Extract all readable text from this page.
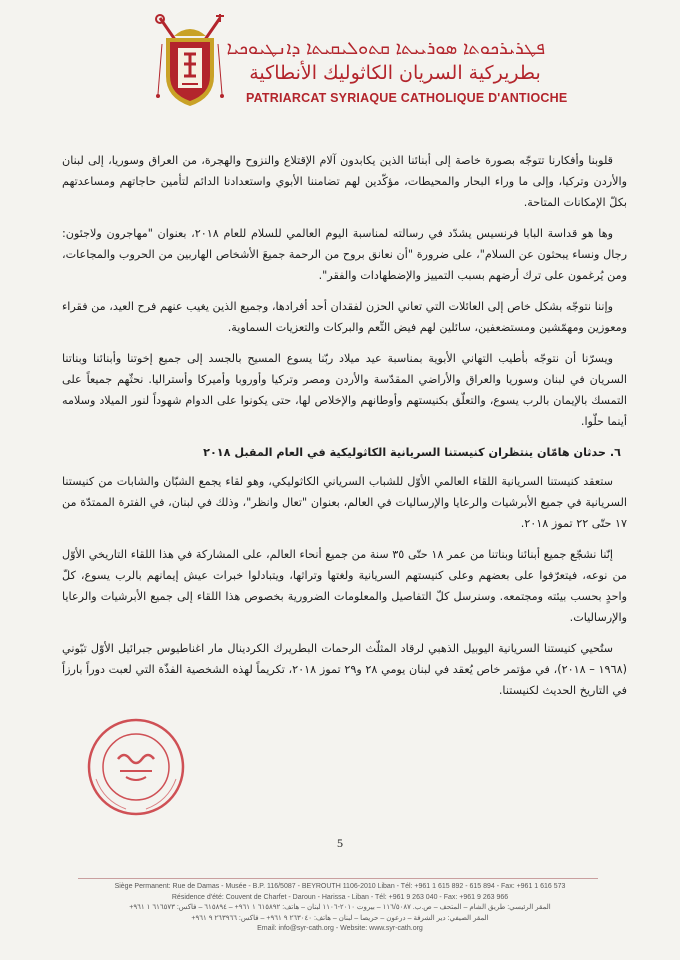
ܦܛܪܝܪܟܘܬܐ ܣܘܪܝܝܬܐ ܩܬܘܠܝܩܝܬܐ ܕܐܢܛܝܘܟܝܐ
بطريركية السريان الكاثوليك الأنطاكية
PATRIARCAT SYRIAQUE CATHOLIQUE D'ANTIOCHE

قلوبنا وأفكارنا تتوجّه بصورة خاصة إلى أبنائنا الذين يكابدون آلام الإقتلاع والنزوح والهجرة، من العراق وسوريا، إلى لبنان والأردن وتركيا، وإلى ما وراء البحار والمحيطات، مؤكّدين لهم تضامننا الأبوي واستعدادنا الدائم لتأمين حاجاتهم ومساعدتهم بكلّ الإمكانات المتاحة.

وها هو قداسة البابا فرنسيس يشدّد في رسالته لمناسبة اليوم العالمي للسلام للعام ٢٠١٨، بعنوان "مهاجرون ولاجئون: رجال ونساء يبحثون عن السلام"، على ضرورة "أن نعانق بروح من الرحمة جميعَ الأشخاص الهاربين من الحروب والمجاعات، ومن يُرغمون على ترك أرضهم بسبب التمييز والإضطهادات والفقر".

وإننا نتوجّه بشكل خاص إلى العائلات التي تعاني الحزن لفقدان أحد أفرادها، وجميع الذين يغيب عنهم فرح العيد، من فقراء ومعوزين ومهمّشين ومستضعفين، سائلين لهم فيض النِّعم والبركات والتعزيات السماوية.

ويسرّنا أن نتوجّه بأطيب التهاني الأبوية بمناسبة عيد ميلاد ربّنا يسوع المسيح بالجسد إلى جميع إخوتنا وأبنائنا وبناتنا السريان في لبنان وسوريا والعراق والأراضي المقدّسة والأردن ومصر وتركيا وأوروبا وأميركا وأستراليا. نحثّهم جميعاً على التمسك بالإيمان بالرب يسوع، والتعلّق بكنيستهم وأوطانهم والإخلاص لها، حتى يكونوا على الدوام شهوداً لنور الميلاد وسلامه أينما حلّوا.

٦. حدثان هامّان ينتظران كنيستنا السريانية الكاثوليكية في العام المقبل ٢٠١٨

ستعقد كنيستنا السريانية اللقاء العالمي الأوّل للشباب السرياني الكاثوليكي، وهو لقاء يجمع الشبّان والشابات من كنيستنا السريانية في جميع الأبرشيات والرعايا والإرساليات في العالم، بعنوان "تعال وانظر"، وذلك في لبنان، في الفترة الممتدّة من ١٧ حتّى ٢٢ تموز ٢٠١٨.

إنّنا نشجّع جميع أبنائنا وبناتنا من عمر ١٨ حتّى ٣٥ سنة من جميع أنحاء العالم، على المشاركة في هذا اللقاء التاريخي الأوّل من نوعه، فيتعرّفوا على بعضهم وعلى كنيستهم السريانية ولغتها وتراثها، ويتبادلوا خبرات عيش إيمانهم بالرب يسوع، كلّ واحدٍ بحسب بيئته ومجتمعه. وسنرسل كلّ التفاصيل والمعلومات الضرورية بخصوص هذا اللقاء إلى جميع الأبرشيات والرعايا والإرساليات.

ستُحيي كنيستنا السريانية اليوبيل الذهبي لرقاد المثلّث الرحمات البطريرك الكردينال مار اغناطيوس جبرائيل الأوّل تبّوني (١٩٦٨ – ٢٠١٨)، في مؤتمر خاص يُعقد في لبنان يومي ٢٨ و٢٩ تموز ٢٠١٨، تكريماً لهذه الشخصية الفذّة التي لعبت دوراً بارزاً في التاريخ الحديث لكنيستنا.

5
Siège Permanent: Rue de Damas - Musée - B.P. 116/5087 - BEYROUTH 1106-2010 Liban - Tél: +961 1 615 892 - 615 894 - Fax: +961 1 616 573
Résidence d'été: Couvent de Charfet - Daroun - Harissa - Liban - Tél: +961 9 263 040 - Fax: +961 9 263 966
المقر الرئيسي: طريق الشام – المتحف – ص.ب. ١١٦/٥٠٨٧ – بيروت ٢٠١٠-١١٠٦ لبنان – هاتف: ٦١٥٨٩٢ ١ ٩٦١+ – ٦١٥٨٩٤ – فاكس: ٦١٦٥٧٣ ١ ٩٦١+
المقر الصيفي: دير الشرفة – درعون – حريصا – لبنان – هاتف: ٢٦٣٠٤٠ ٩ ٩٦١+ – فاكس: ٢٦٣٩٦٦ ٩ ٩٦١+
Email: info@syr-cath.org - Website: www.syr-cath.org
